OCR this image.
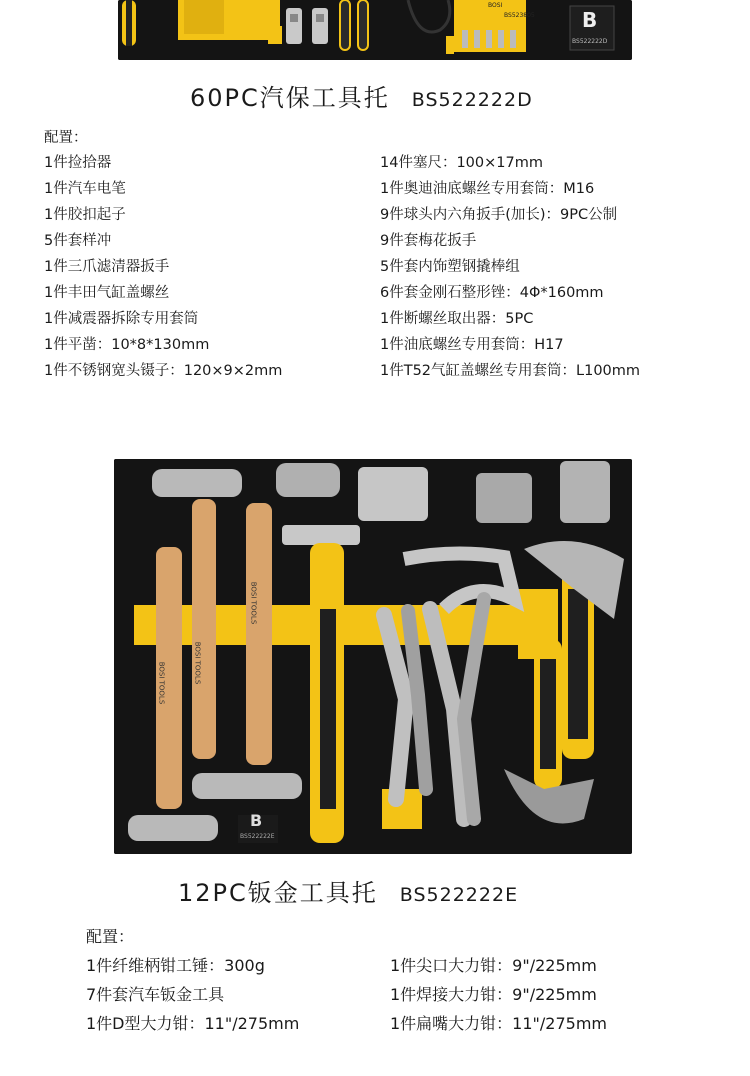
BS523805 B
BS522222D
BOSI
60PC汽保工具托 BS522222D
配置：
1件捡拾器
1件汽车电笔
1件胶扣起子
5件套样冲
1件三爪滤清器扳手
1件丰田气缸盖螺丝
1件减震器拆除专用套筒
1件平凿：10*8*130mm
1件不锈钢宽头镊子：120×9×2mm
14件塞尺：100×17mm
1件奥迪油底螺丝专用套筒：M16
9件球头内六角扳手(加长)：9PC公制
9件套梅花扳手
5件套内饰塑钢撬棒组
6件套金刚石整形锉：4Φ*160mm
1件断螺丝取出器：5PC
1件油底螺丝专用套筒：H17
1件T52气缸盖螺丝专用套筒：L100mm
B
BS522222E
BOSI TOOLS	BOSI TOOLS
BOSI TOOLS
12PC钣金工具托 BS522222E
配置：
1件纤维柄钳工锤：300g
7件套汽车钣金工具
1件D型大力钳：11"/275mm
1件尖口大力钳：9"/225mm
1件焊接大力钳：9"/225mm
1件扁嘴大力钳：11"/275mm
